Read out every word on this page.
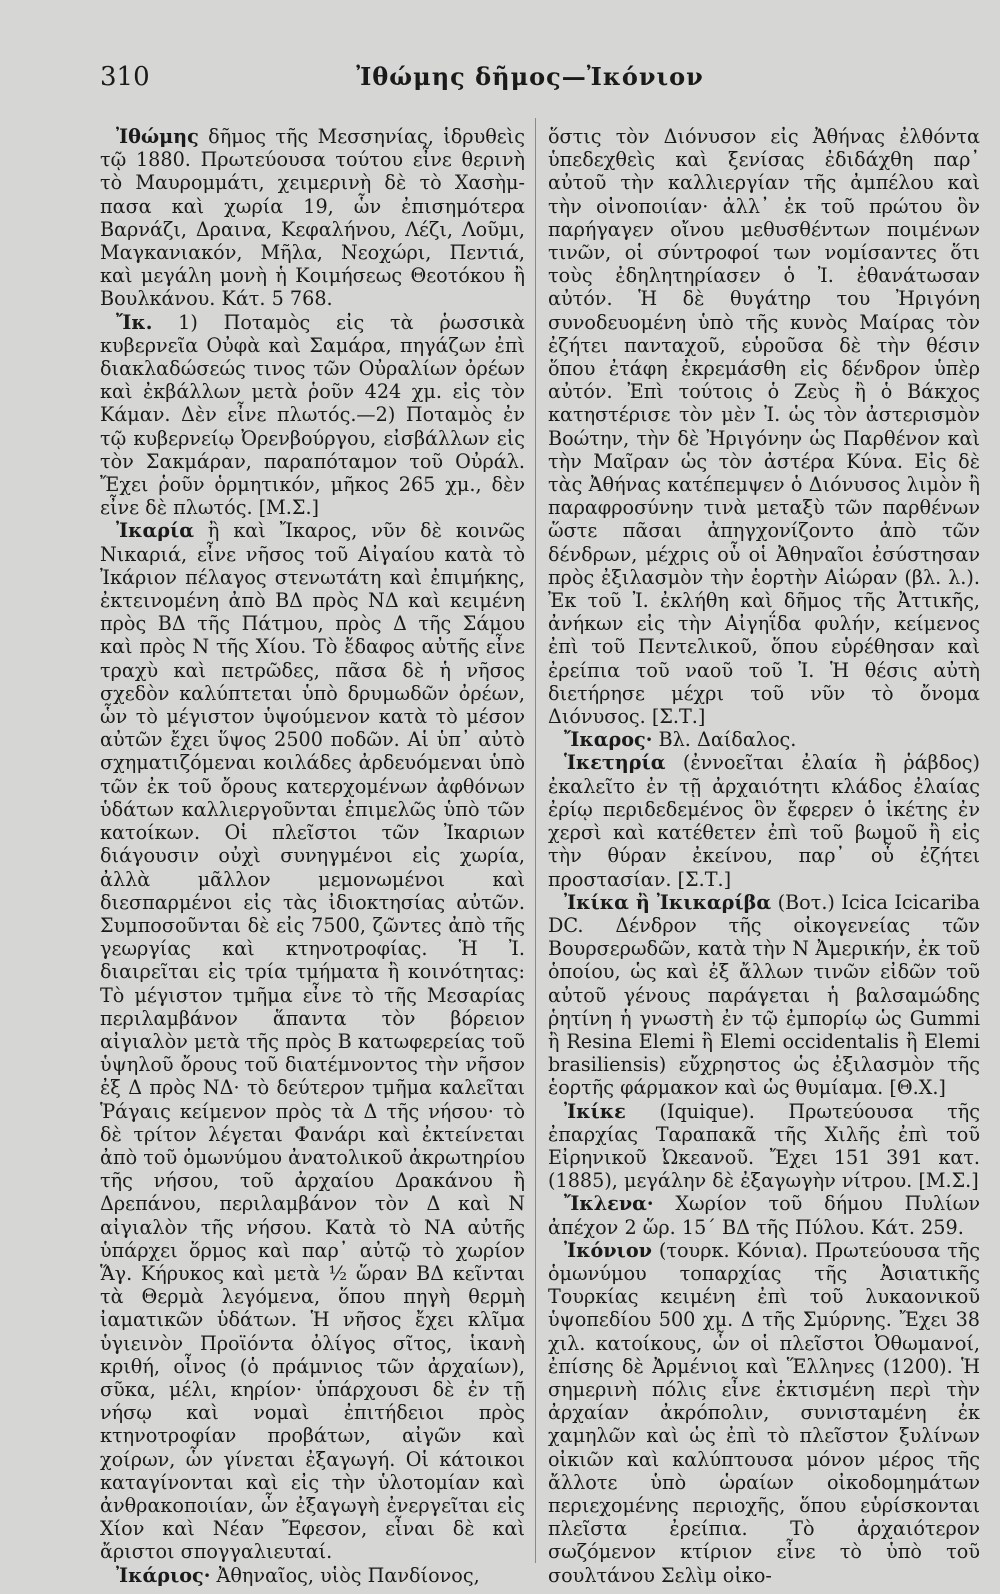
310	Ἰθώμης δῆμος—Ἰκόνιον

Ἰθώμης δῆμος τῆς Μεσσηνίας, ἱδρυθεὶς τῷ 1880. Πρωτεύουσα τούτου εἶνε θερινὴ τὸ Μαυρομμάτι, χειμερινὴ δὲ τὸ Χασὴμ-πασα καὶ χωρία 19, ὧν ἐπισημότερα Βαρνάζι, Δραινα, Κεφαλήνου, Λέζι, Λοῦμι, Μαγκανιακόν, Μῆλα, Νεοχώρι, Πεντιά, καὶ μεγάλη μονὴ ἡ Κοιμήσεως Θεοτόκου ἢ Βουλκάνου. Κάτ. 5 768.

Ἴκ. 1) Ποταμὸς εἰς τὰ ῥωσσικὰ κυβερνεῖα Οὐφὰ καὶ Σαμάρα, πηγάζων ἐπὶ διακλαδώσεώς τινος τῶν Οὐραλίων ὀρέων καὶ ἐκβάλλων μετὰ ῥοῦν 424 χμ. εἰς τὸν Κάμαν. Δὲν εἶνε πλωτός.—2) Ποταμὸς ἐν τῷ κυβερνείῳ Ὀρενβούργου, εἰσβάλλων εἰς τὸν Σακμάραν, παραπόταμον τοῦ Οὐράλ. Ἔχει ῥοῦν ὁρμητικόν, μῆκος 265 χμ., δὲν εἶνε δὲ πλωτός. [Μ.Σ.]

Ἰκαρία ἢ καὶ Ἴκαρος, νῦν δὲ κοινῶς Νικαριά, εἶνε νῆσος τοῦ Αἰγαίου κατὰ τὸ Ἰκάριον πέλαγος στενωτάτη καὶ ἐπιμήκης, ἐκτεινομένη ἀπὸ ΒΔ πρὸς ΝΔ καὶ κειμένη πρὸς ΒΔ τῆς Πάτμου, πρὸς Δ τῆς Σάμου καὶ πρὸς Ν τῆς Χίου. Τὸ ἔδαφος αὐτῆς εἶνε τραχὺ καὶ πετρῶδες, πᾶσα δὲ ἡ νῆσος σχεδὸν καλύπτεται ὑπὸ δρυμωδῶν ὀρέων, ὧν τὸ μέγιστον ὑψούμενον κατὰ τὸ μέσον αὐτῶν ἔχει ὕψος 2500 ποδῶν. Αἱ ὑπ᾽ αὐτὸ σχηματιζόμεναι κοιλάδες ἀρδευόμεναι ὑπὸ τῶν ἐκ τοῦ ὄρους κατερχομένων ἀφθόνων ὑδάτων καλλιεργοῦνται ἐπιμελῶς ὑπὸ τῶν κατοίκων. Οἱ πλεῖστοι τῶν Ἰκαριων διάγουσιν οὐχὶ συνηγμένοι εἰς χωρία, ἀλλὰ μᾶλλον μεμονωμένοι καὶ διεσπαρμένοι εἰς τὰς ἰδιοκτησίας αὐτῶν. Συμποσοῦνται δὲ εἰς 7500, ζῶντες ἀπὸ τῆς γεωργίας καὶ κτηνοτροφίας. Ἡ Ἰ. διαιρεῖται εἰς τρία τμήματα ἢ κοινότητας: Τὸ μέγιστον τμῆμα εἶνε τὸ τῆς Μεσαρίας περιλαμβάνον ἅπαντα τὸν βόρειον αἰγιαλὸν μετὰ τῆς πρὸς Β κατωφερείας τοῦ ὑψηλοῦ ὄρους τοῦ διατέμνοντος τὴν νῆσον ἐξ Δ πρὸς ΝΔ· τὸ δεύτερον τμῆμα καλεῖται Ῥάγαις κείμενον πρὸς τὰ Δ τῆς νήσου· τὸ δὲ τρίτον λέγεται Φανάρι καὶ ἐκτείνεται ἀπὸ τοῦ ὁμωνύμου ἀνατολικοῦ ἀκρωτηρίου τῆς νήσου, τοῦ ἀρχαίου Δρακάνου ἢ Δρεπάνου, περιλαμβάνον τὸν Δ καὶ Ν αἰγιαλὸν τῆς νήσου. Κατὰ τὸ ΝΑ αὐτῆς ὑπάρχει ὅρμος καὶ παρ᾽ αὐτῷ τὸ χωρίον Ἅγ. Κήρυκος καὶ μετὰ ½ ὥραν ΒΔ κεῖνται τὰ Θερμὰ λεγόμενα, ὅπου πηγὴ θερμὴ ἰαματικῶν ὑδάτων. Ἡ νῆσος ἔχει κλῖμα ὑγιεινὸν Προϊόντα ὀλίγος σῖτος, ἱκανὴ κριθή, οἶνος (ὁ πράμνιος τῶν ἀρχαίων), σῦκα, μέλι, κηρίον· ὑπάρχουσι δὲ ἐν τῇ νήσῳ καὶ νομαὶ ἐπιτήδειοι πρὸς κτηνοτροφίαν προβάτων, αἰγῶν καὶ χοίρων, ὧν γίνεται ἐξαγωγή. Οἱ κάτοικοι καταγίνονται καὶ εἰς τὴν ὑλοτομίαν καὶ ἀνθρακοποιίαν, ὧν ἐξαγωγὴ ἐνεργεῖται εἰς Χίον καὶ Νέαν Ἔφεσον, εἶναι δὲ καὶ ἄριστοι σπογγαλιευταί.

Ἰκάριος· Ἀθηναῖος, υἱὸς Πανδίονος,

ὅστις τὸν Διόνυσον εἰς Ἀθήνας ἐλθόντα ὑπεδεχθεὶς καὶ ξενίσας ἐδιδάχθη παρ᾽ αὐτοῦ τὴν καλλιεργίαν τῆς ἀμπέλου καὶ τὴν οἰνοποιίαν· ἀλλ᾽ ἐκ τοῦ πρώτου ὃν παρήγαγεν οἴνου μεθυσθέντων ποιμένων τινῶν, οἱ σύντροφοί των νομίσαντες ὅτι τοὺς ἐδηλητηρίασεν ὁ Ἰ. ἐθανάτωσαν αὐτόν. Ἡ δὲ θυγάτηρ του Ἠριγόνη συνοδευομένη ὑπὸ τῆς κυνὸς Μαίρας τὸν ἐζήτει πανταχοῦ, εὑροῦσα δὲ τὴν θέσιν ὅπου ἐτάφη ἐκρεμάσθη εἰς δένδρον ὑπὲρ αὐτόν. Ἐπὶ τούτοις ὁ Ζεὺς ἢ ὁ Βάκχος κατηστέρισε τὸν μὲν Ἰ. ὡς τὸν ἀστερισμὸν Βοώτην, τὴν δὲ Ἠριγόνην ὡς Παρθένον καὶ τὴν Μαῖραν ὡς τὸν ἀστέρα Κύνα. Εἰς δὲ τὰς Ἀθήνας κατέπεμψεν ὁ Διόνυσος λιμὸν ἢ παραφροσύνην τινὰ μεταξὺ τῶν παρθένων ὥστε πᾶσαι ἀπηγχονίζοντο ἀπὸ τῶν δένδρων, μέχρις οὗ οἱ Ἀθηναῖοι ἐσύστησαν πρὸς ἐξιλασμὸν τὴν ἑορτὴν Αἰώραν (βλ. λ.). Ἐκ τοῦ Ἰ. ἐκλήθη καὶ δῆμος τῆς Ἀττικῆς, ἀνήκων εἰς τὴν Αἰγηΐδα φυλήν, κείμενος ἐπὶ τοῦ Πεντελικοῦ, ὅπου εὑρέθησαν καὶ ἐρείπια τοῦ ναοῦ τοῦ Ἰ. Ἡ θέσις αὐτὴ διετήρησε μέχρι τοῦ νῦν τὸ ὄνομα Διόνυσος. [Σ.Τ.]

Ἴκαρος· Βλ. Δαίδαλος.

Ἱκετηρία (ἐννοεῖται ἐλαία ἢ ῥάβδος) ἐκαλεῖτο ἐν τῇ ἀρχαιότητι κλάδος ἐλαίας ἐρίῳ περιδεδεμένος ὃν ἔφερεν ὁ ἱκέτης ἐν χερσὶ καὶ κατέθετεν ἐπὶ τοῦ βωμοῦ ἢ εἰς τὴν θύραν ἐκείνου, παρ᾽ οὗ ἐζήτει προστασίαν. [Σ.Τ.]

Ἰκίκα ἢ Ἰκικαρίβα (Βοτ.) Icica Icicariba DC. Δένδρον τῆς οἰκογενείας τῶν Βουρσερωδῶν, κατὰ τὴν Ν Ἀμερικήν, ἐκ τοῦ ὁποίου, ὡς καὶ ἐξ ἄλλων τινῶν εἰδῶν τοῦ αὐτοῦ γένους παράγεται ἡ βαλσαμώδης ῥητίνη ἡ γνωστὴ ἐν τῷ ἐμπορίῳ ὡς Gummi ἢ Resina Elemi ἢ Elemi occidentalis ἢ Elemi brasiliensis) εὔχρηστος ὡς ἐξιλασμὸν τῆς ἑορτῆς φάρμακον καὶ ὡς θυμίαμα. [Θ.Χ.]

Ἰκίκε (Iquique). Πρωτεύουσα τῆς ἐπαρχίας Ταραπακᾶ τῆς Χιλῆς ἐπὶ τοῦ Εἰρηνικοῦ Ὠκεανοῦ. Ἔχει 151 391 κατ. (1885), μεγάλην δὲ ἐξαγωγὴν νίτρου. [Μ.Σ.]

Ἴκλενα· Χωρίον τοῦ δήμου Πυλίων ἀπέχον 2 ὥρ. 15΄ ΒΔ τῆς Πύλου. Κάτ. 259.

Ἰκόνιον (τουρκ. Κόνια). Πρωτεύουσα τῆς ὁμωνύμου τοπαρχίας τῆς Ἀσιατικῆς Τουρκίας κειμένη ἐπὶ τοῦ λυκαονικοῦ ὑψοπεδίου 500 χμ. Δ τῆς Σμύρνης. Ἔχει 38 χιλ. κατοίκους, ὧν οἱ πλεῖστοι Ὀθωμανοί, ἐπίσης δὲ Ἀρμένιοι καὶ Ἕλληνες (1200). Ἡ σημερινὴ πόλις εἶνε ἐκτισμένη περὶ τὴν ἀρχαίαν ἀκρόπολιν, συνισταμένη ἐκ χαμηλῶν καὶ ὡς ἐπὶ τὸ πλεῖστον ξυλίνων οἰκιῶν καὶ καλύπτουσα μόνον μέρος τῆς ἄλλοτε ὑπὸ ὡραίων οἰκοδομημάτων περιεχομένης περιοχῆς, ὅπου εὑρίσκονται πλεῖστα ἐρείπια. Τὸ ἀρχαιότερον σωζόμενον κτίριον εἶνε τὸ ὑπὸ τοῦ σουλτάνου Σελὶμ οἰκο-
